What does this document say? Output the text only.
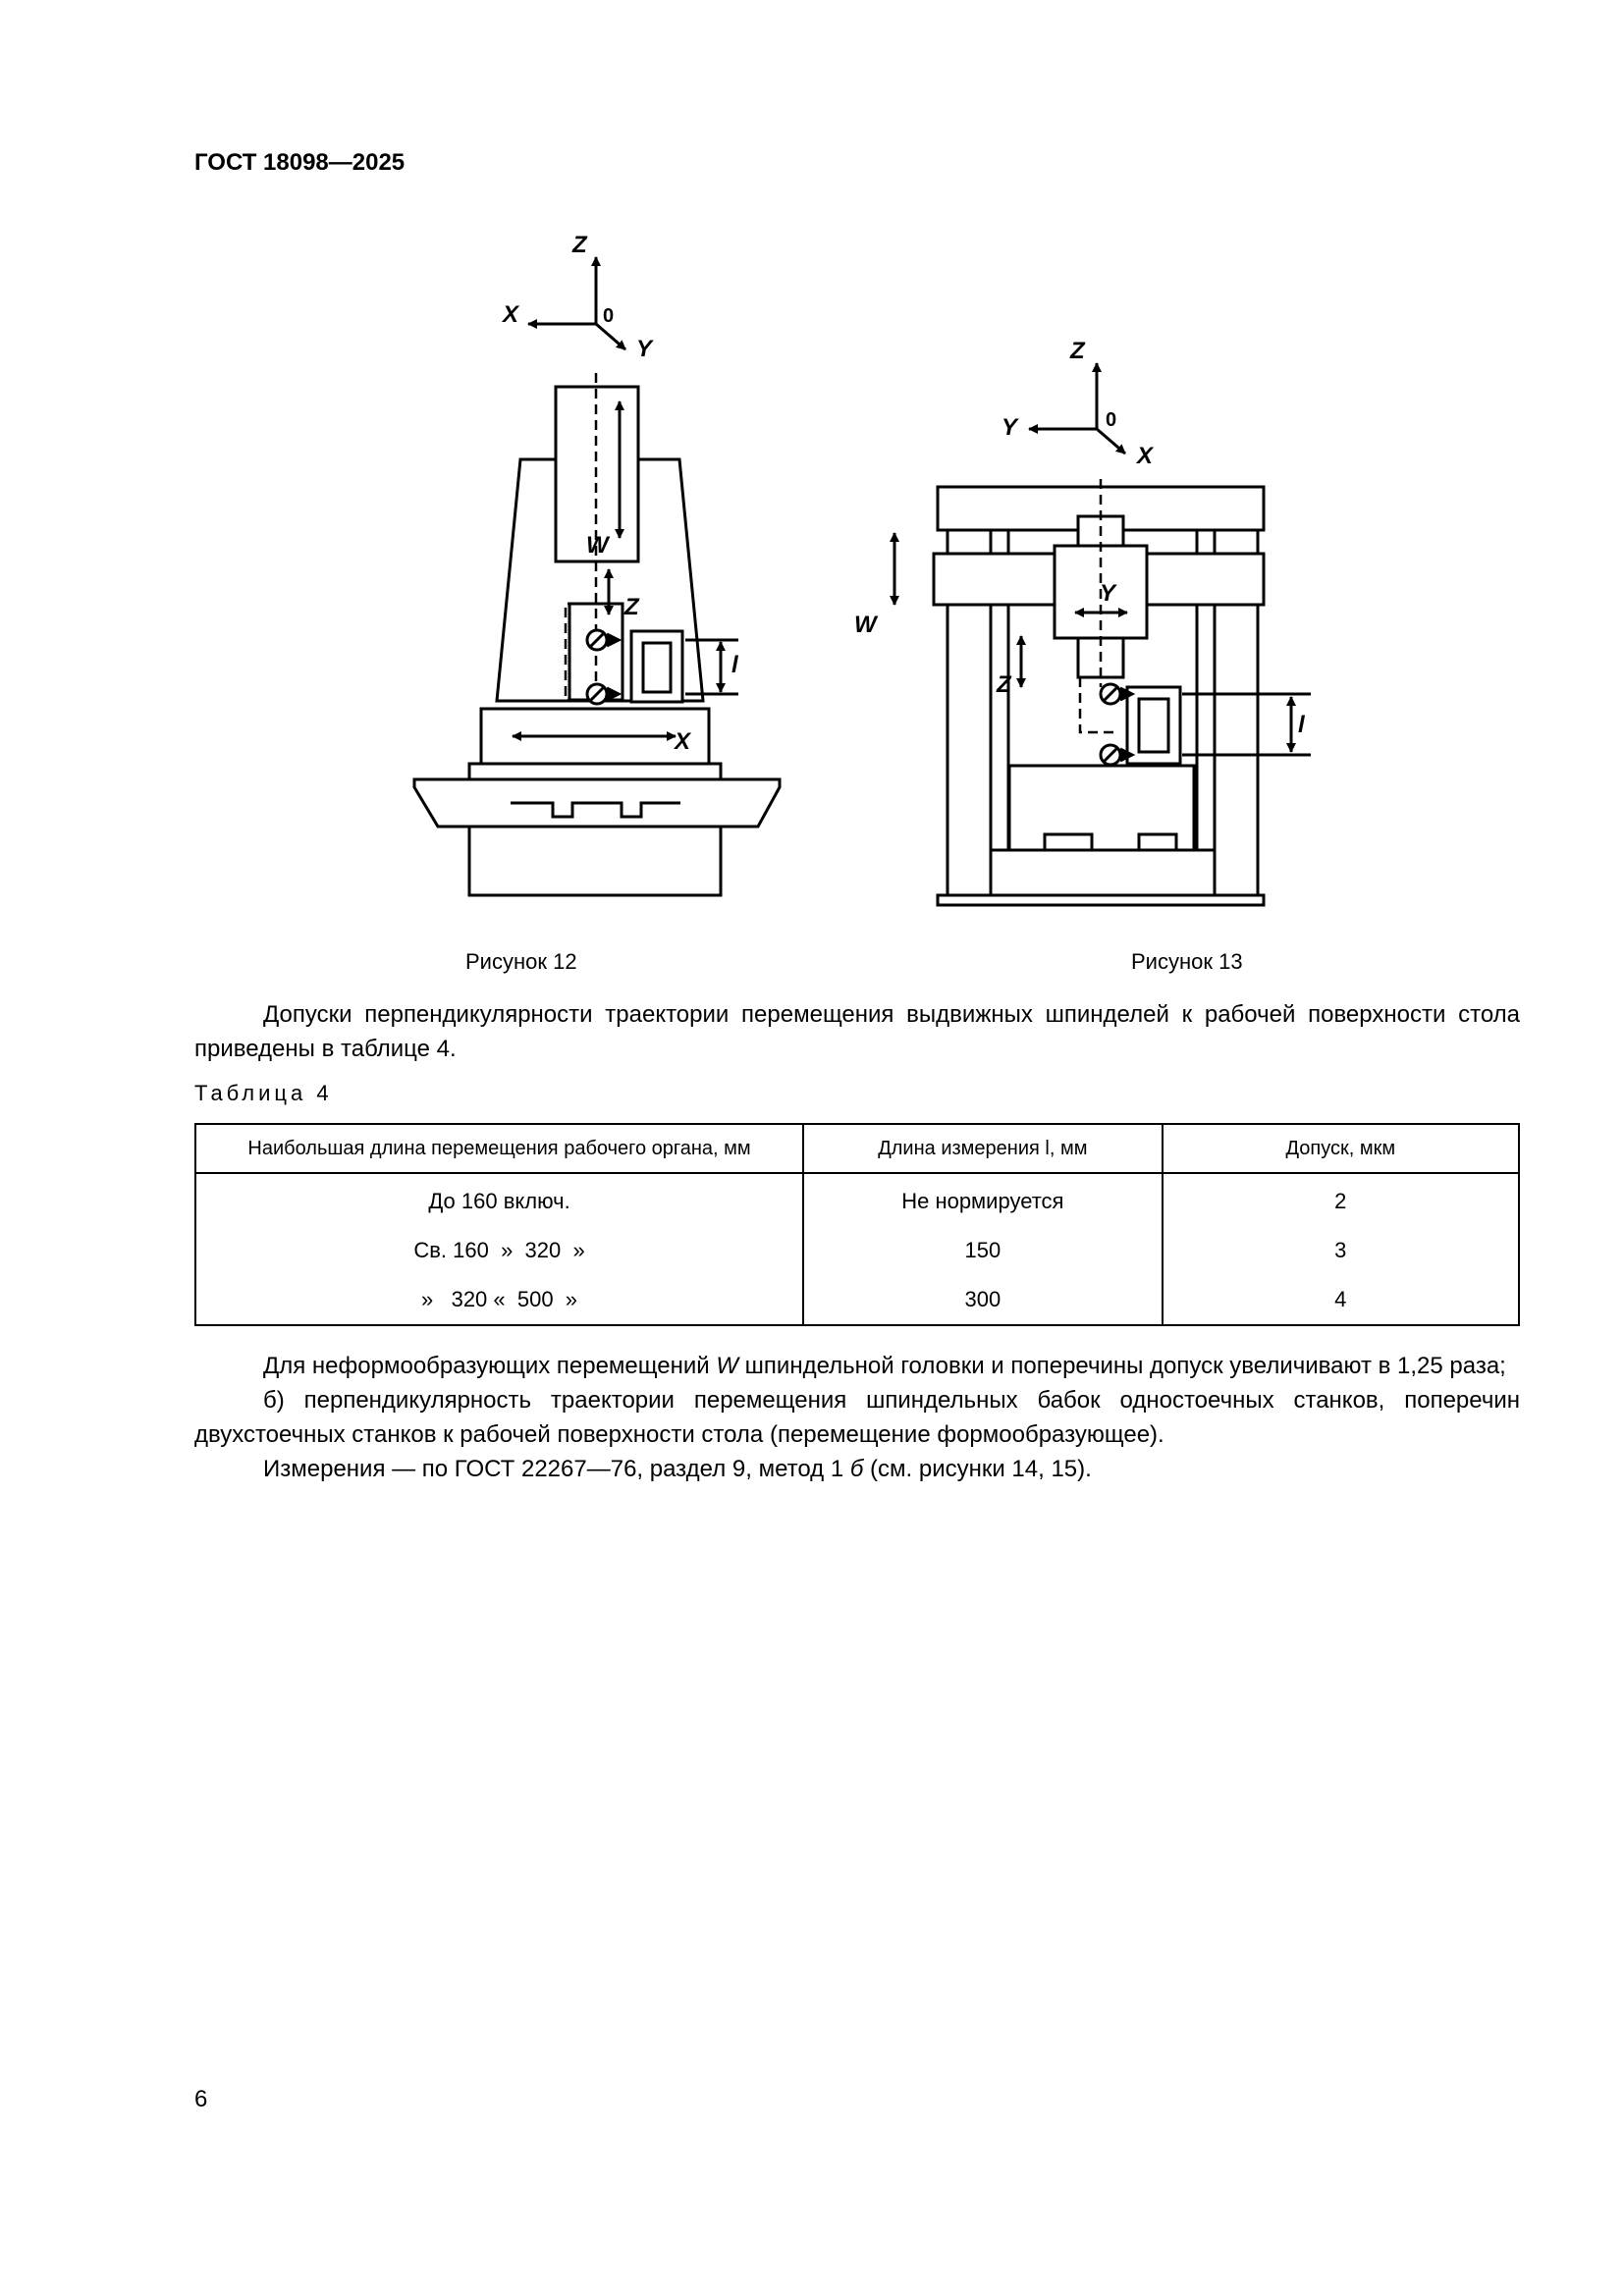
ГОСТ 18098—2025
Z
X
Y
W
Z
l
X
0
Z
Y
X
W
Y
Z
l
0
Рисунок 12	Рисунок 13

Допуски перпендикулярности траектории перемещения выдвижных шпинделей к рабочей поверхности стола приведены в таблице 4.

Таблица 4
Наибольшая длина перемещения рабочего органа, мм	Длина измерения l, мм	Допуск, мкм
До 160 включ.	Не нормируется	2
Св. 160  »  320  »	150	3
»   320 «  500  »	300	4

Для неформообразующих перемещений W шпиндельной головки и поперечины допуск увеличивают в 1,25 раза;

б) перпендикулярность траектории перемещения шпиндельных бабок одностоечных станков, поперечин двухстоечных станков к рабочей поверхности стола (перемещение формообразующее).

Измерения — по ГОСТ 22267—76, раздел 9, метод 1 б (см. рисунки 14, 15).

6
